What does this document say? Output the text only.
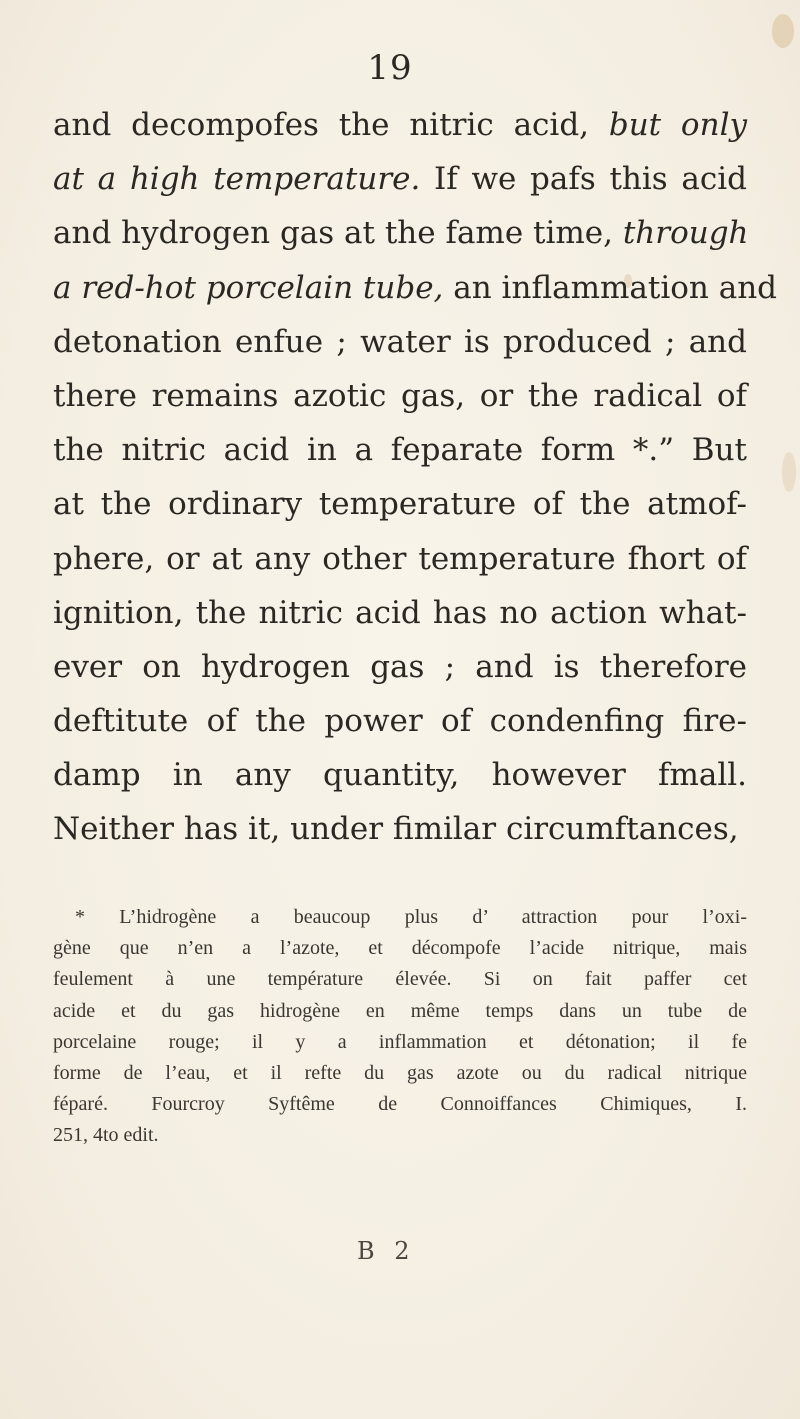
19
and decompofes the nitric acid, but only
at a high temperature. If we pafs this acid
and hydrogen gas at the fame time, through
a red-hot porcelain tube, an inflammation and
detonation enfue ; water is produced ; and
there remains azotic gas, or the radical of
the nitric acid in a feparate form *.” But
at the ordinary temperature of the atmof-
phere, or at any other temperature fhort of
ignition, the nitric acid has no action what-
ever on hydrogen gas ; and is therefore
deftitute of the power of condenfing fire-
damp in any quantity, however fmall.
Neither has it, under fimilar circumftances,
* L’hidrogène a beaucoup plus d’ attraction pour l’oxi-
gène que n’en a l’azote, et décompofe l’acide nitrique, mais
feulement à une température élevée. Si on fait paffer cet
acide et du gas hidrogène en même temps dans un tube de
porcelaine rouge; il y a inflammation et détonation; il fe
forme de l’eau, et il refte du gas azote ou du radical nitrique
féparé. Fourcroy Syftême de Connoiffances Chimiques, I.
251, 4to edit.
B 2
